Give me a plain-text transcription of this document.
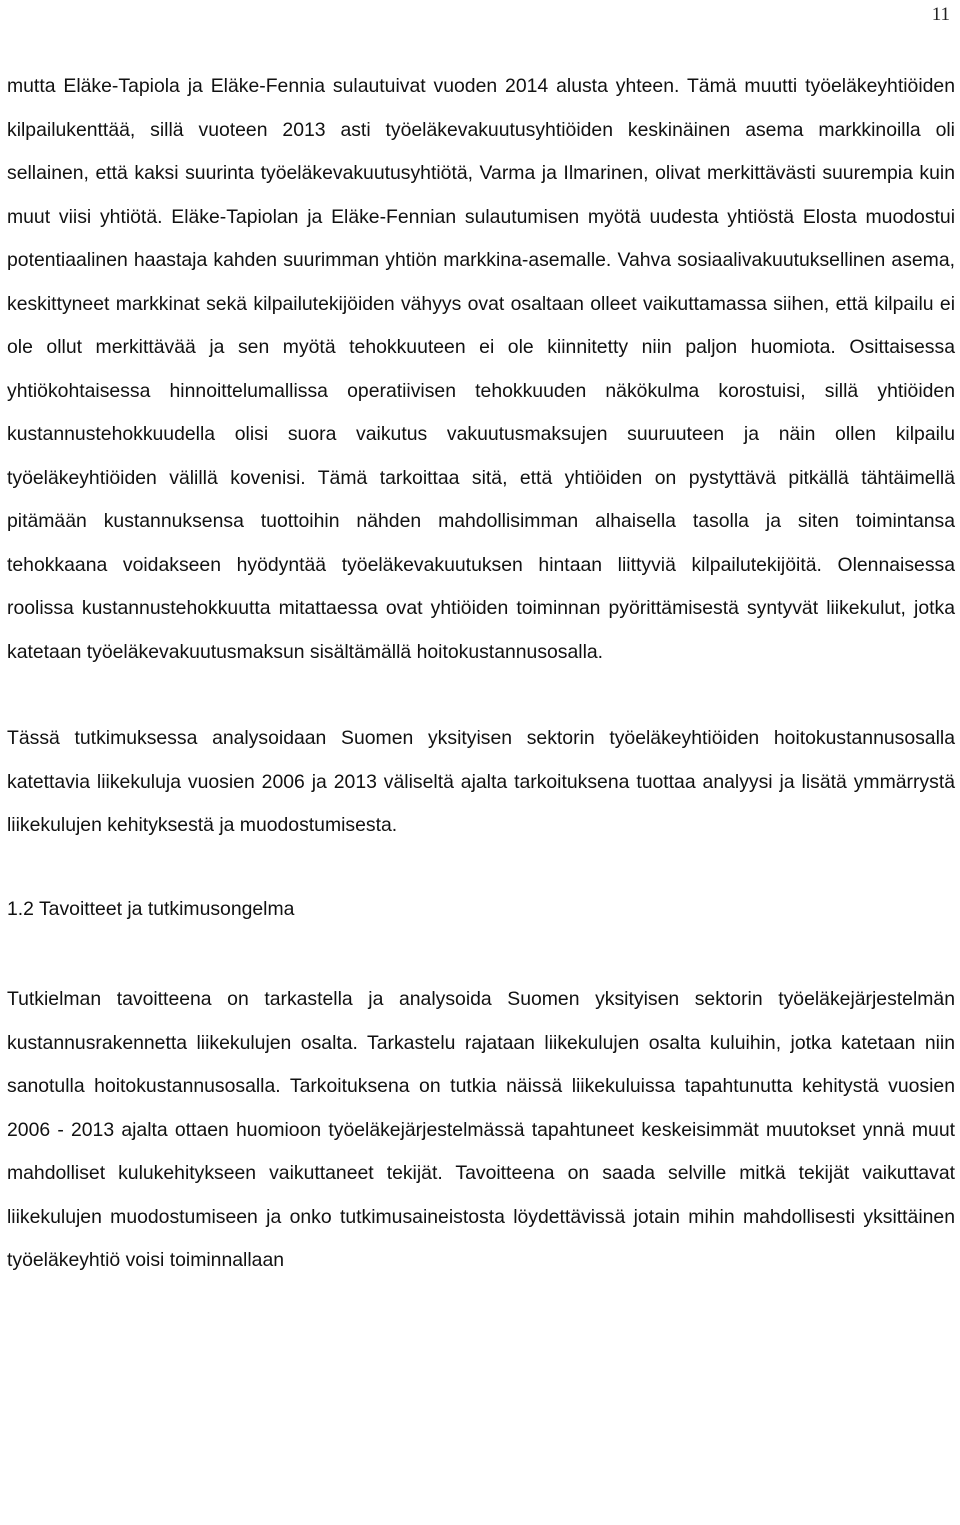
11

mutta Eläke-Tapiola ja Eläke-Fennia sulautuivat vuoden 2014 alusta yhteen. Tämä muutti työeläkeyhtiöiden kilpailukenttää, sillä vuoteen 2013 asti työeläkevakuutusyhtiöiden keskinäinen asema markkinoilla oli sellainen, että kaksi suurinta työeläkevakuutusyhtiötä, Varma ja Ilmarinen, olivat merkittävästi suurempia kuin muut viisi yhtiötä. Eläke-Tapiolan ja Eläke-Fennian sulautumisen myötä uudesta yhtiöstä Elosta muodostui potentiaalinen haastaja kahden suurimman yhtiön markkina-asemalle. Vahva sosiaalivakuutuksellinen asema, keskittyneet markkinat sekä kilpailutekijöiden vähyys ovat osaltaan olleet vaikuttamassa siihen, että kilpailu ei ole ollut merkittävää ja sen myötä tehokkuuteen ei ole kiinnitetty niin paljon huomiota. Osittaisessa yhtiökohtaisessa hinnoittelumallissa operatiivisen tehokkuuden näkökulma korostuisi, sillä yhtiöiden kustannustehokkuudella olisi suora vaikutus vakuutusmaksujen suuruuteen ja näin ollen kilpailu työeläkeyhtiöiden välillä kovenisi. Tämä tarkoittaa sitä, että yhtiöiden on pystyttävä pitkällä tähtäimellä pitämään kustannuksensa tuottoihin nähden mahdollisimman alhaisella tasolla ja siten toimintansa tehokkaana voidakseen hyödyntää työeläkevakuutuksen hintaan liittyviä kilpailutekijöitä. Olennaisessa roolissa kustannustehokkuutta mitattaessa ovat yhtiöiden toiminnan pyörittämisestä syntyvät liikekulut, jotka katetaan työeläkevakuutusmaksun sisältämällä hoitokustannusosalla.

Tässä tutkimuksessa analysoidaan Suomen yksityisen sektorin työeläkeyhtiöiden hoitokustannusosalla katettavia liikekuluja vuosien 2006 ja 2013 väliseltä ajalta tarkoituksena tuottaa analyysi ja lisätä ymmärrystä liikekulujen kehityksestä ja muodostumisesta.

1.2 Tavoitteet ja tutkimusongelma

Tutkielman tavoitteena on tarkastella ja analysoida Suomen yksityisen sektorin työeläkejärjestelmän kustannusrakennetta liikekulujen osalta. Tarkastelu rajataan liikekulujen osalta kuluihin, jotka katetaan niin sanotulla hoitokustannusosalla. Tarkoituksena on tutkia näissä liikekuluissa tapahtunutta kehitystä vuosien 2006 - 2013 ajalta ottaen huomioon työeläkejärjestelmässä tapahtuneet keskeisimmät muutokset ynnä muut mahdolliset kulukehitykseen vaikuttaneet tekijät. Tavoitteena on saada selville mitkä tekijät vaikuttavat liikekulujen muodostumiseen ja onko tutkimusaineistosta löydettävissä jotain mihin mahdollisesti yksittäinen työeläkeyhtiö voisi toiminnallaan
